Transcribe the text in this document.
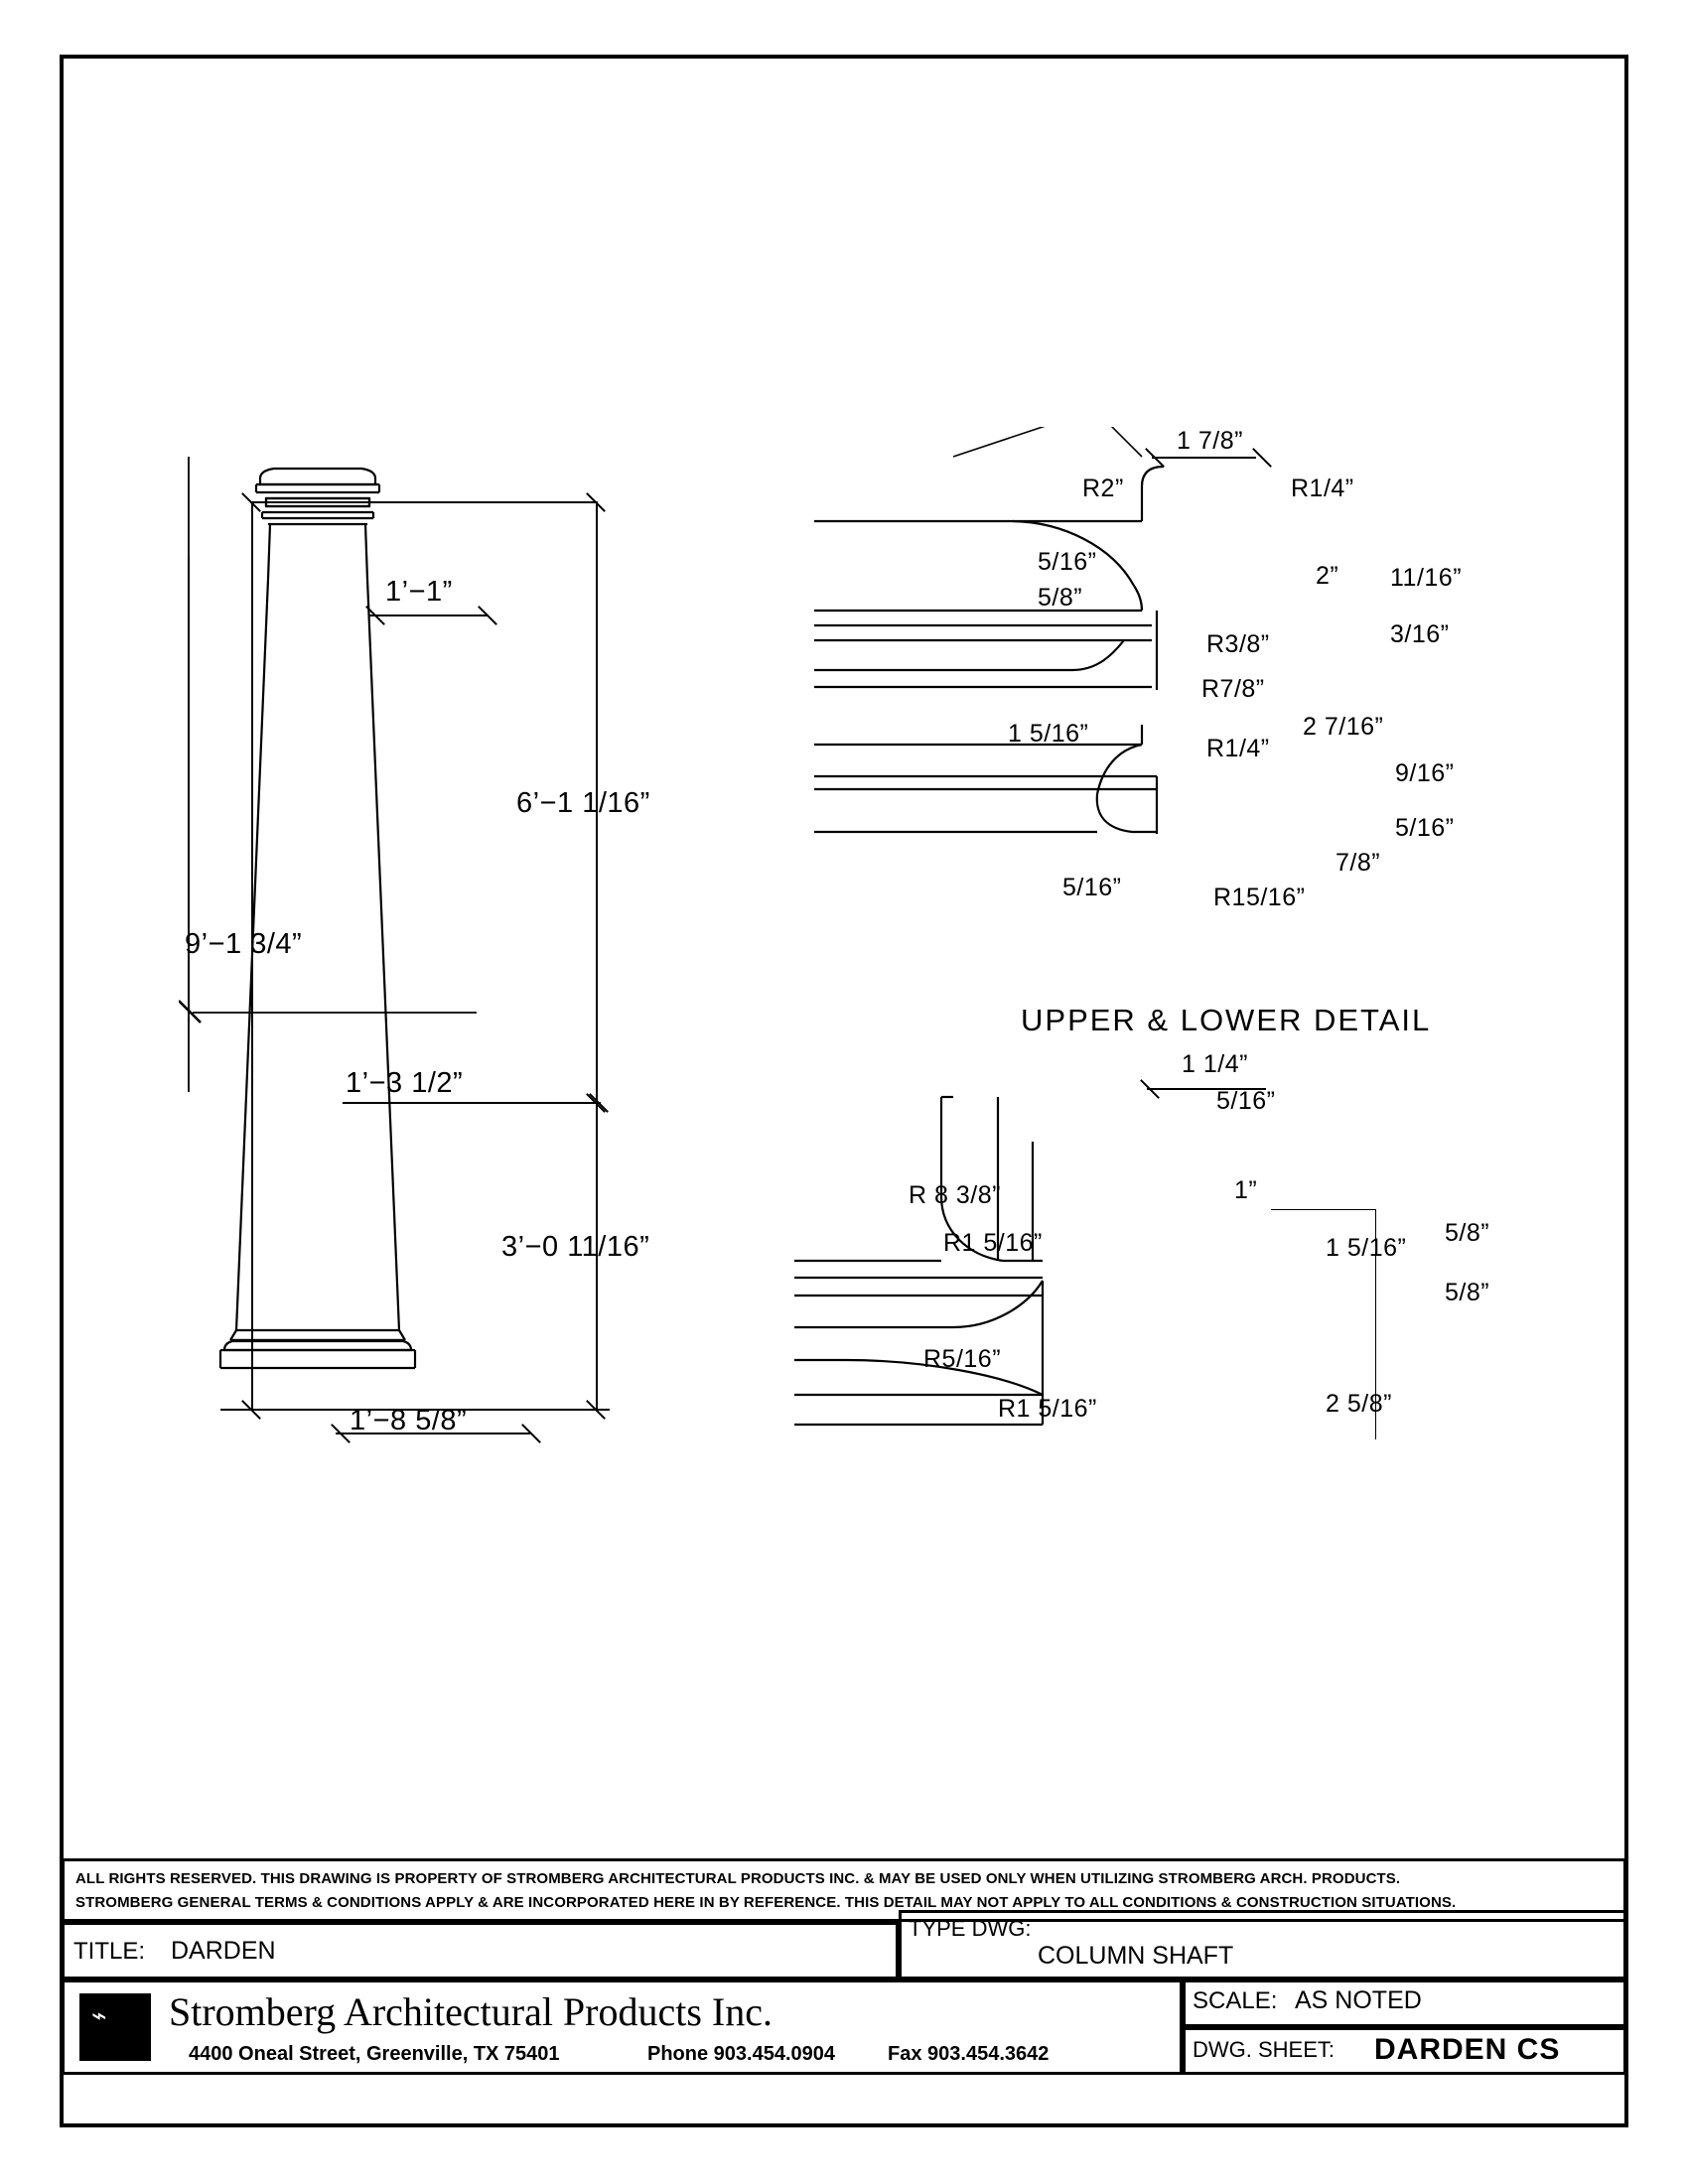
9’−1 3/4”
6’−1 1/16”
3’−0 11/16”
1’−3 1/2”
1’−1”
1’−8 5/8”
1 7/8”
R2”	R1/4”
5/16”
5/8”
2” 11/16”
R3/8”	3/16”
R7/8”
1 5/16”
R1/4”
2 7/16”
9/16”
5/16”
7/8”
5/16”	R15/16”
UPPER & LOWER DETAIL
1 1/4”
5/16”
R 8 3/8”	1”
R1 5/16”	1 5/16”
5/8”
5/8”
R5/16”
R1 5/16”	2 5/8”
ALL RIGHTS RESERVED. THIS DRAWING IS PROPERTY OF STROMBERG ARCHITECTURAL PRODUCTS INC. & MAY BE USED ONLY WHEN UTILIZING STROMBERG ARCH. PRODUCTS.
STROMBERG GENERAL TERMS & CONDITIONS APPLY & ARE INCORPORATED HERE IN BY REFERENCE. THIS DETAIL MAY NOT APPLY TO ALL CONDITIONS & CONSTRUCTION SITUATIONS.
TITLE: DARDEN
TYPE DWG:
COLUMN SHAFT
⌁ Stromberg Architectural Products Inc.
4400 Oneal Street, Greenville, TX 75401	Phone 903.454.0904	Fax 903.454.3642
SCALE: AS NOTED
DWG. SHEET: DARDEN CS
